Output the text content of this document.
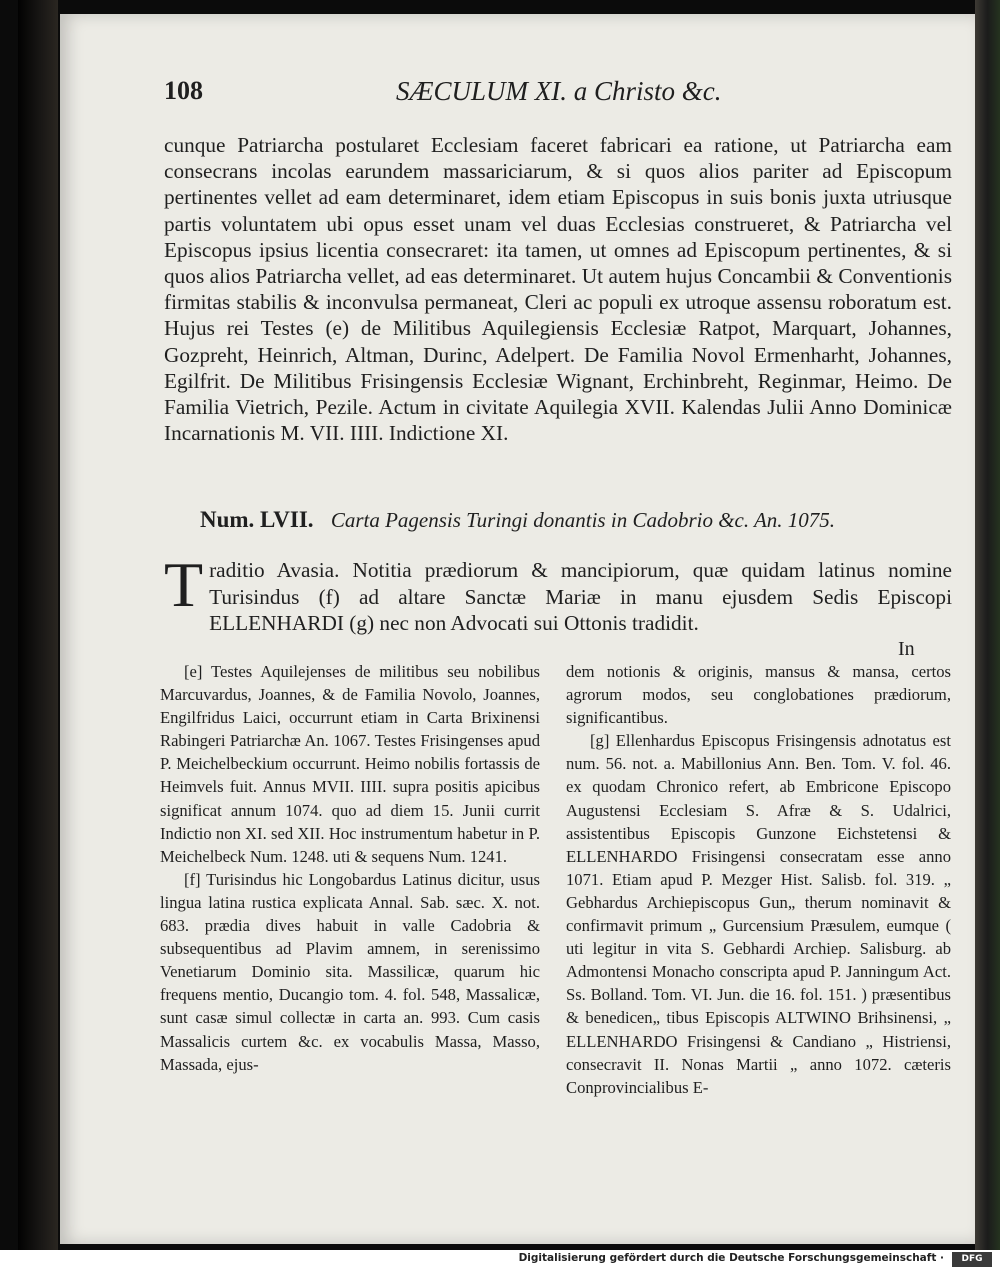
108	SÆCULUM XI. a Christo &c.
cunque Patriarcha postularet Ecclesiam faceret fabricari ea ratione, ut Patriarcha eam consecrans incolas earundem massariciarum, & si quos alios pariter ad Episcopum pertinentes vellet ad eam determinaret, idem etiam Episcopus in suis bonis juxta utriusque partis voluntatem ubi opus esset unam vel duas Ecclesias construeret, & Patriarcha vel Episcopus ipsius licentia consecraret: ita tamen, ut omnes ad Episcopum pertinentes, & si quos alios Patriarcha vellet, ad eas determinaret. Ut autem hujus Concambii & Conventionis firmitas stabilis & inconvulsa permaneat, Cleri ac populi ex utroque assensu roboratum est. Hujus rei Testes (e) de Militibus Aquilegiensis Ecclesiæ Ratpot, Marquart, Johannes, Gozpreht, Heinrich, Altman, Durinc, Adelpert. De Familia Novol Ermenharht, Johannes, Egilfrit. De Militibus Frisingensis Ecclesiæ Wignant, Erchinbreht, Reginmar, Heimo. De Familia Vietrich, Pezile. Actum in civitate Aquilegia XVII. Kalendas Julii Anno Dominicæ Incarnationis M. VII. IIII. Indictione XI.
Num. LVII. Carta Pagensis Turingi donantis in Cadobrio &c. An. 1075.
T raditio Avasia. Notitia prædiorum & mancipiorum, quæ quidam latinus nomine Turisindus (f) ad altare Sanctæ Mariæ in manu ejusdem Sedis Episcopi ELLENHARDI (g) nec non Advocati sui Ottonis tradidit.
In

[e] Testes Aquilejenses de militibus seu nobilibus Marcuvardus, Joannes, & de Familia Novolo, Joannes, Engilfridus Laici, occurrunt etiam in Carta Brixinensi Rabingeri Patriarchæ An. 1067. Testes Frisingenses apud P. Meichelbeckium occurrunt. Heimo nobilis fortassis de Heimvels fuit. Annus MVII. IIII. supra positis apicibus significat annum 1074. quo ad diem 15. Junii currit Indictio non XI. sed XII. Hoc instrumentum habetur in P. Meichelbeck Num. 1248. uti & sequens Num. 1241.

[f] Turisindus hic Longobardus Latinus dicitur, usus lingua latina rustica explicata Annal. Sab. sæc. X. not. 683. prædia dives habuit in valle Cadobria & subsequentibus ad Plavim amnem, in serenissimo Venetiarum Dominio sita. Massilicæ, quarum hic frequens mentio, Ducangio tom. 4. fol. 548, Massalicæ, sunt casæ simul collectæ in carta an. 993. Cum casis Massalicis curtem &c. ex vocabulis Massa, Masso, Massada, ejus-

dem notionis & originis, mansus & mansa, certos agrorum modos, seu conglobationes prædiorum, significantibus.

[g] Ellenhardus Episcopus Frisingensis adnotatus est num. 56. not. a. Mabillonius Ann. Ben. Tom. V. fol. 46. ex quodam Chronico refert, ab Embricone Episcopo Augustensi Ecclesiam S. Afræ & S. Udalrici, assistentibus Episcopis Gunzone Eichstetensi & ELLENHARDO Frisingensi consecratam esse anno 1071. Etiam apud P. Mezger Hist. Salisb. fol. 319. „ Gebhardus Archiepiscopus Gun„ therum nominavit & confirmavit primum „ Gurcensium Præsulem, eumque ( uti legitur in vita S. Gebhardi Archiep. Salisburg. ab Admontensi Monacho conscripta apud P. Janningum Act. Ss. Bolland. Tom. VI. Jun. die 16. fol. 151. ) præsentibus & benedicen„ tibus Episcopis ALTWINO Brihsinensi, „ ELLENHARDO Frisingensi & Candiano „ Histriensi, consecravit II. Nonas Martii „ anno 1072. cæteris Conprovincialibus E-

Digitalisierung gefördert durch die Deutsche Forschungsgemeinschaft ·	DFG
